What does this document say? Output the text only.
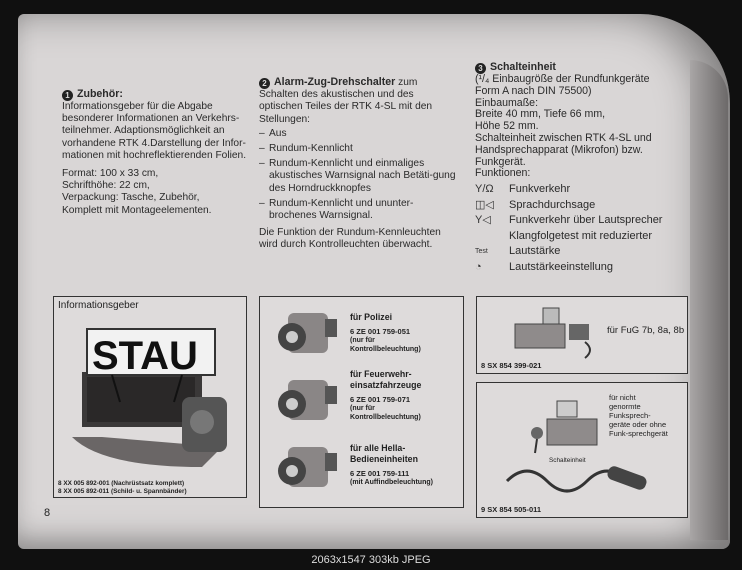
1 Zubehör:

Informationsgeber für die Abgabe besonderer Informationen an Verkehrs-teilnehmer. Adaptionsmöglichkeit an vorhandene RTK 4.Darstellung der Infor-mationen mit hochreflektierenden Folien.

Format: 100 x 33 cm,

Schrifthöhe: 22 cm,

Verpackung: Tasche, Zubehör,

Komplett mit Montageelementen.

2 Alarm-Zug-Drehschalter zum Schalten des akustischen und des optischen Teiles der RTK 4-SL mit den Stellungen:

– Aus
– Rundum-Kennlicht
– Rundum-Kennlicht und einmaliges akustisches Warnsignal nach Betäti-gung des Horndruckknopfes
– Rundum-Kennlicht und ununter-brochenes Warnsignal.

Die Funktion der Rundum-Kennleuchten wird durch Kontrolleuchten überwacht.

3 Schalteinheit

(¹/₄ Einbaugröße der Rundfunkgeräte

Form A nach DIN 75500)

Einbaumaße:

Breite 40 mm, Tiefe 66 mm,

Höhe 52 mm.

Schalteinheit zwischen RTK 4-SL und

Handsprechapparat (Mikrofon) bzw.

Funkgerät.

Funktionen:

Y/Ω	Funkverkehr
◫◁	Sprachdurchsage
Y◁	Funkverkehr über Lautsprecher
Klangfolgetest mit reduzierter
Test	Lautstärke
◔	Lautstärkeeinstellung
Informationsgeber
STAU
8 XX 005 892-001 (Nachrüstsatz komplett)
8 XX 005 892-011 (Schild- u. Spannbänder)
für Polizei
6 ZE 001 759-051
(nur für Kontrollbeleuchtung)
für Feuerwehr-einsatzfahrzeuge
6 ZE 001 759-071
(nur für Kontrollbeleuchtung)
für alle Hella-Bedieneinheiten
6 ZE 001 759-111
(mit Auffindbeleuchtung)
für FuG 7b, 8a, 8b
8 SX 854 399-021
für nicht genormte Funksprech-geräte oder ohne Funk-sprechgerät
Schalteinheit
9 SX 854 505-011
8
2063x1547 303kb JPEG
